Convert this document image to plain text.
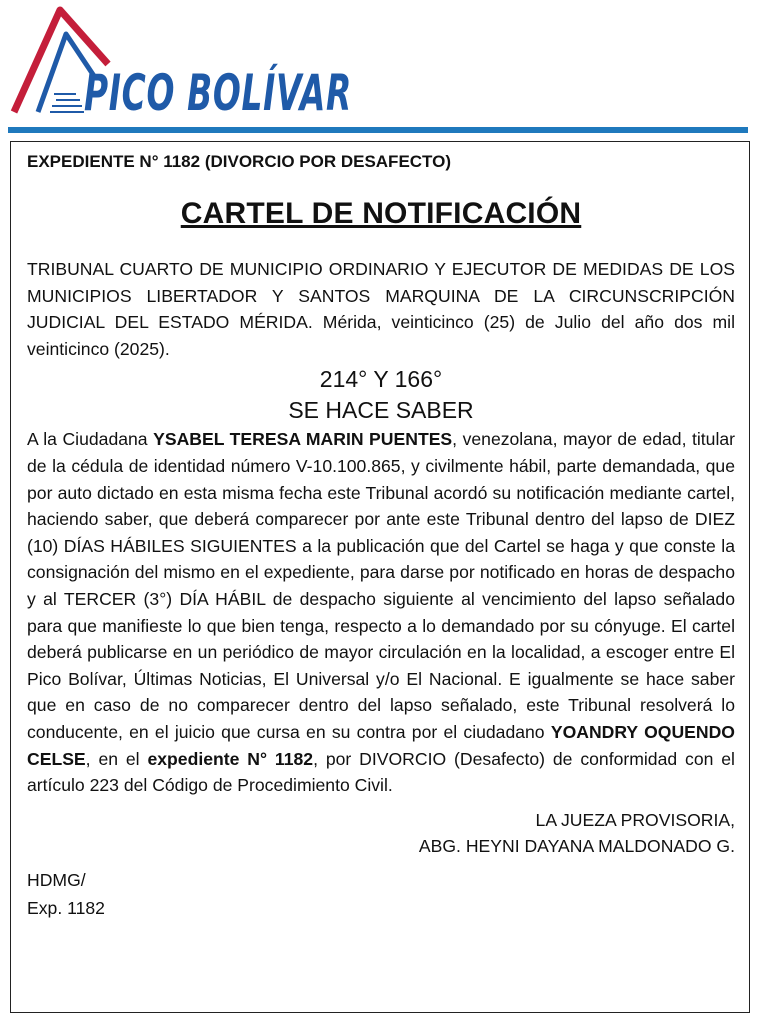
PICO BOLÍVAR

EXPEDIENTE N° 1182 (DIVORCIO POR DESAFECTO)

CARTEL DE NOTIFICACIÓN

TRIBUNAL CUARTO DE MUNICIPIO ORDINARIO Y EJECUTOR DE MEDIDAS DE LOS MUNICIPIOS LIBERTADOR Y SANTOS MARQUINA DE LA CIRCUNSCRIPCIÓN JUDICIAL DEL ESTADO MÉRIDA. Mérida, veinticinco (25) de Julio del año dos mil veinticinco (2025).

214° Y 166°

SE HACE SABER

A la Ciudadana YSABEL TERESA MARIN PUENTES, venezolana, mayor de edad, titular de la cédula de identidad número V-10.100.865, y civilmente hábil, parte demandada, que por auto dictado en esta misma fecha este Tribunal acordó su notificación mediante cartel, haciendo saber, que deberá comparecer por ante este Tribunal dentro del lapso de DIEZ (10) DÍAS HÁBILES SIGUIENTES a la publicación que del Cartel se haga y que conste la consignación del mismo en el expediente, para darse por notificado en horas de despacho y al TERCER (3°) DÍA HÁBIL de despacho siguiente al vencimiento del lapso señalado para que manifieste lo que bien tenga, respecto a lo demandado por su cónyuge. El cartel deberá publicarse en un periódico de mayor circulación en la localidad, a escoger entre El Pico Bolívar, Últimas Noticias, El Universal y/o El Nacional. E igualmente se hace saber que en caso de no comparecer dentro del lapso señalado, este Tribunal resolverá lo conducente, en el juicio que cursa en su contra por el ciudadano YOANDRY OQUENDO CELSE, en el expediente N° 1182, por DIVORCIO (Desafecto) de conformidad con el artículo 223 del Código de Procedimiento Civil.

LA JUEZA PROVISORIA,

ABG. HEYNI DAYANA MALDONADO G.

HDMG/

Exp. 1182
